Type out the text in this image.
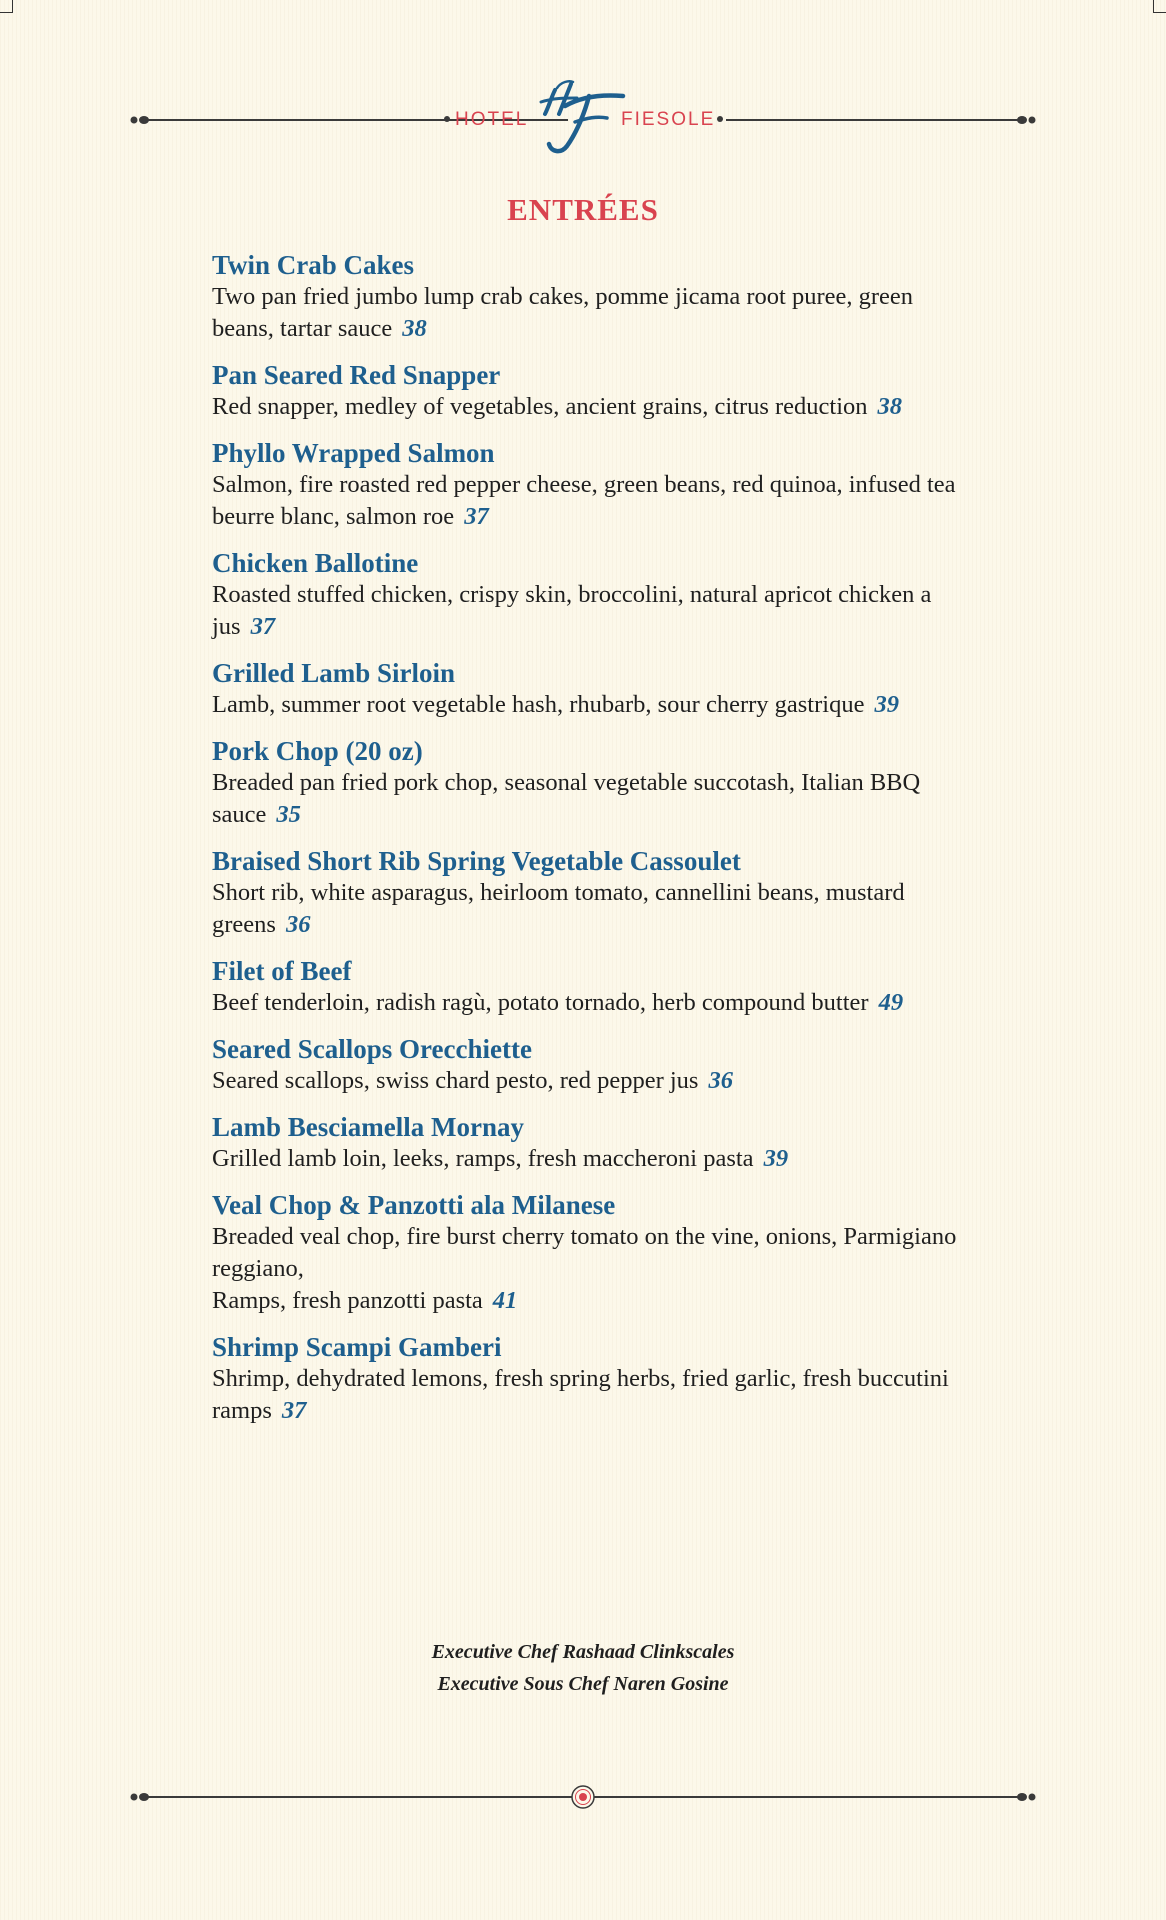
HOTEL	FIESOLE
ENTRÉES
Twin Crab Cakes
Two pan fried jumbo lump crab cakes, pomme jicama root puree, green beans, tartar sauce 38
Pan Seared Red Snapper
Red snapper, medley of vegetables, ancient grains, citrus reduction 38
Phyllo Wrapped Salmon
Salmon, fire roasted red pepper cheese, green beans, red quinoa, infused tea beurre blanc, salmon roe 37
Chicken Ballotine
Roasted stuffed chicken, crispy skin, broccolini, natural apricot chicken a jus 37
Grilled Lamb Sirloin
Lamb, summer root vegetable hash, rhubarb, sour cherry gastrique 39
Pork Chop (20 oz)
Breaded pan fried pork chop, seasonal vegetable succotash, Italian BBQ sauce 35
Braised Short Rib Spring Vegetable Cassoulet
Short rib, white asparagus, heirloom tomato, cannellini beans, mustard greens 36
Filet of Beef
Beef tenderloin, radish ragù, potato tornado, herb compound butter 49
Seared Scallops Orecchiette
Seared scallops, swiss chard pesto, red pepper jus 36
Lamb Besciamella Mornay
Grilled lamb loin, leeks, ramps, fresh maccheroni pasta 39
Veal Chop & Panzotti ala Milanese
Breaded veal chop, fire burst cherry tomato on the vine, onions, Parmigiano reggiano,
Ramps, fresh panzotti pasta 41
Shrimp Scampi Gamberi
Shrimp, dehydrated lemons, fresh spring herbs, fried garlic, fresh buccutini ramps 37
Executive Chef Rashaad Clinkscales
Executive Sous Chef Naren Gosine
